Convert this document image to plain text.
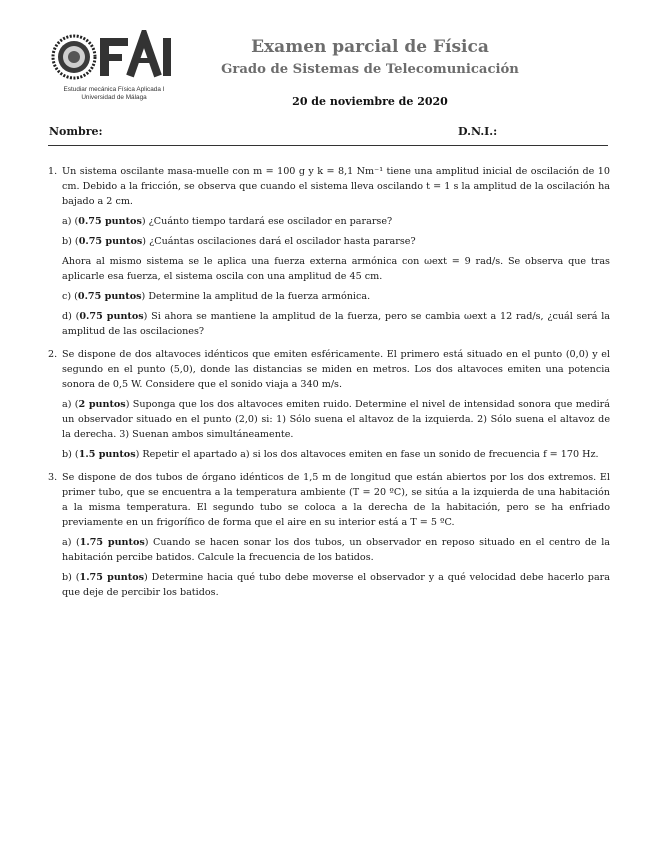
Estudiar mecánica Física Aplicada I
Universidad de Málaga
Examen parcial de Física
Grado de Sistemas de Telecomunicación
20 de noviembre de 2020
Nombre:	D.N.I.:
1. Un sistema oscilante masa-muelle con m = 100 g y k = 8,1 Nm⁻¹ tiene una amplitud inicial de oscilación de 10 cm. Debido a la fricción, se observa que cuando el sistema lleva oscilando t = 1 s la amplitud de la oscilación ha bajado a 2 cm.

a) (0.75 puntos) ¿Cuánto tiempo tardará ese oscilador en pararse?

b) (0.75 puntos) ¿Cuántas oscilaciones dará el oscilador hasta pararse?

Ahora al mismo sistema se le aplica una fuerza externa armónica con ωext = 9 rad/s. Se observa que tras aplicarle esa fuerza, el sistema oscila con una amplitud de 45 cm.

c) (0.75 puntos) Determine la amplitud de la fuerza armónica.

d) (0.75 puntos) Si ahora se mantiene la amplitud de la fuerza, pero se cambia ωext a 12 rad/s, ¿cuál será la amplitud de las oscilaciones?

2. Se dispone de dos altavoces idénticos que emiten esféricamente. El primero está situado en el punto (0,0) y el segundo en el punto (5,0), donde las distancias se miden en metros. Los dos altavoces emiten una potencia sonora de 0,5 W. Considere que el sonido viaja a 340 m/s.

a) (2 puntos) Suponga que los dos altavoces emiten ruido. Determine el nivel de intensidad sonora que medirá un observador situado en el punto (2,0) si: 1) Sólo suena el altavoz de la izquierda. 2) Sólo suena el altavoz de la derecha. 3) Suenan ambos simultáneamente.

b) (1.5 puntos) Repetir el apartado a) si los dos altavoces emiten en fase un sonido de frecuencia f = 170 Hz.

3. Se dispone de dos tubos de órgano idénticos de 1,5 m de longitud que están abiertos por los dos extremos. El primer tubo, que se encuentra a la temperatura ambiente (T = 20 ºC), se sitúa a la izquierda de una habitación a la misma temperatura. El segundo tubo se coloca a la derecha de la habitación, pero se ha enfriado previamente en un frigorífico de forma que el aire en su interior está a T = 5 ºC.

a) (1.75 puntos) Cuando se hacen sonar los dos tubos, un observador en reposo situado en el centro de la habitación percibe batidos. Calcule la frecuencia de los batidos.

b) (1.75 puntos) Determine hacia qué tubo debe moverse el observador y a qué velocidad debe hacerlo para que deje de percibir los batidos.
